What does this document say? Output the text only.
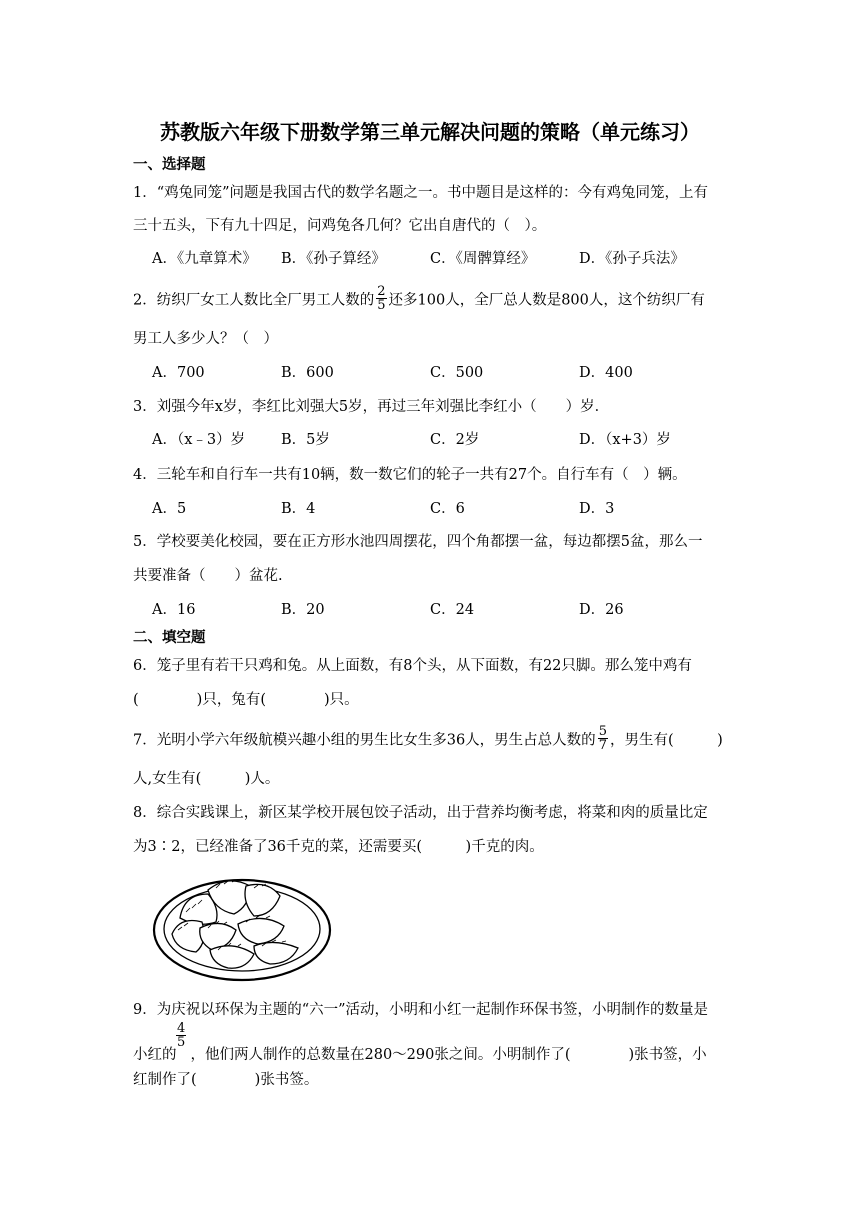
苏教版六年级下册数学第三单元解决问题的策略（单元练习）
一、选择题
1．“鸡兔同笼”问题是我国古代的数学名题之一。书中题目是这样的：今有鸡兔同笼，上有
三十五头，下有九十四足，问鸡兔各几何？它出自唐代的（　）。
A．《九章算术》 B．《孙子算经》	C．《周髀算经》	D．《孙子兵法》
2．纺织厂女工人数比全厂男工人数的 $\frac{2}{5}$ 还多100人，全厂总人数是800人，这个纺织厂有
男工人多少人？（　）
A．700	B．600	C．500	D．400
3．刘强今年x岁，李红比刘强大5岁，再过三年刘强比李红小（　　）岁．
A．（x﹣3）岁 B．5岁	C．2岁	D．（x+3）岁
4．三轮车和自行车一共有10辆，数一数它们的轮子一共有27个。自行车有（　）辆。
A．5	B．4	C．6	D．3
5．学校要美化校园，要在正方形水池四周摆花，四个角都摆一盆，每边都摆5盆，那么一
共要准备（　　）盆花.
A．16	B．20	C．24	D．26
二、填空题
6．笼子里有若干只鸡和兔。从上面数，有8个头，从下面数，有22只脚。那么笼中鸡有
(　　　　)只，兔有(　　　　)只。
7．光明小学六年级航模兴趣小组的男生比女生多36人，男生占总人数的 $\frac{5}{7}$ ，男生有(　　　)
人,女生有(　　　)人。
8．综合实践课上，新区某学校开展包饺子活动，出于营养均衡考虑，将菜和肉的质量比定
为3∶2，已经准备了36千克的菜，还需要买(　　　)千克的肉。
9．为庆祝以环保为主题的“六一”活动，小明和小红一起制作环保书签，小明制作的数量是
$\frac{4}{5}$
小红的 ，他们两人制作的总数量在280～290张之间。小明制作了(　　　　)张书签，小
红制作了(　　　　)张书签。
